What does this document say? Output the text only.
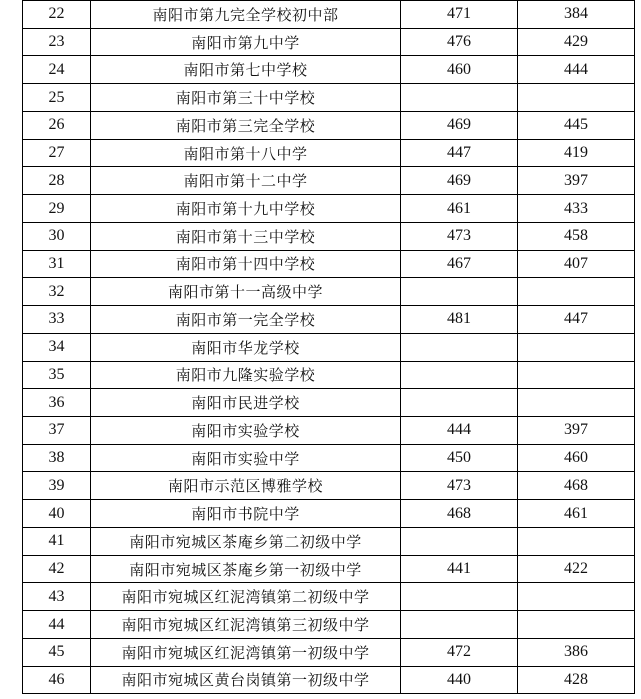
22	南阳市第九完全学校初中部	471	384
23	南阳市第九中学	476	429
24	南阳市第七中学校	460	444
25	南阳市第三十中学校		
26	南阳市第三完全学校	469	445
27	南阳市第十八中学	447	419
28	南阳市第十二中学	469	397
29	南阳市第十九中学校	461	433
30	南阳市第十三中学校	473	458
31	南阳市第十四中学校	467	407
32	南阳市第十一高级中学		
33	南阳市第一完全学校	481	447
34	南阳市华龙学校		
35	南阳市九隆实验学校		
36	南阳市民进学校		
37	南阳市实验学校	444	397
38	南阳市实验中学	450	460
39	南阳市示范区博雅学校	473	468
40	南阳市书院中学	468	461
41	南阳市宛城区茶庵乡第二初级中学		
42	南阳市宛城区茶庵乡第一初级中学	441	422
43	南阳市宛城区红泥湾镇第二初级中学		
44	南阳市宛城区红泥湾镇第三初级中学		
45	南阳市宛城区红泥湾镇第一初级中学	472	386
46	南阳市宛城区黄台岗镇第一初级中学	440	428
